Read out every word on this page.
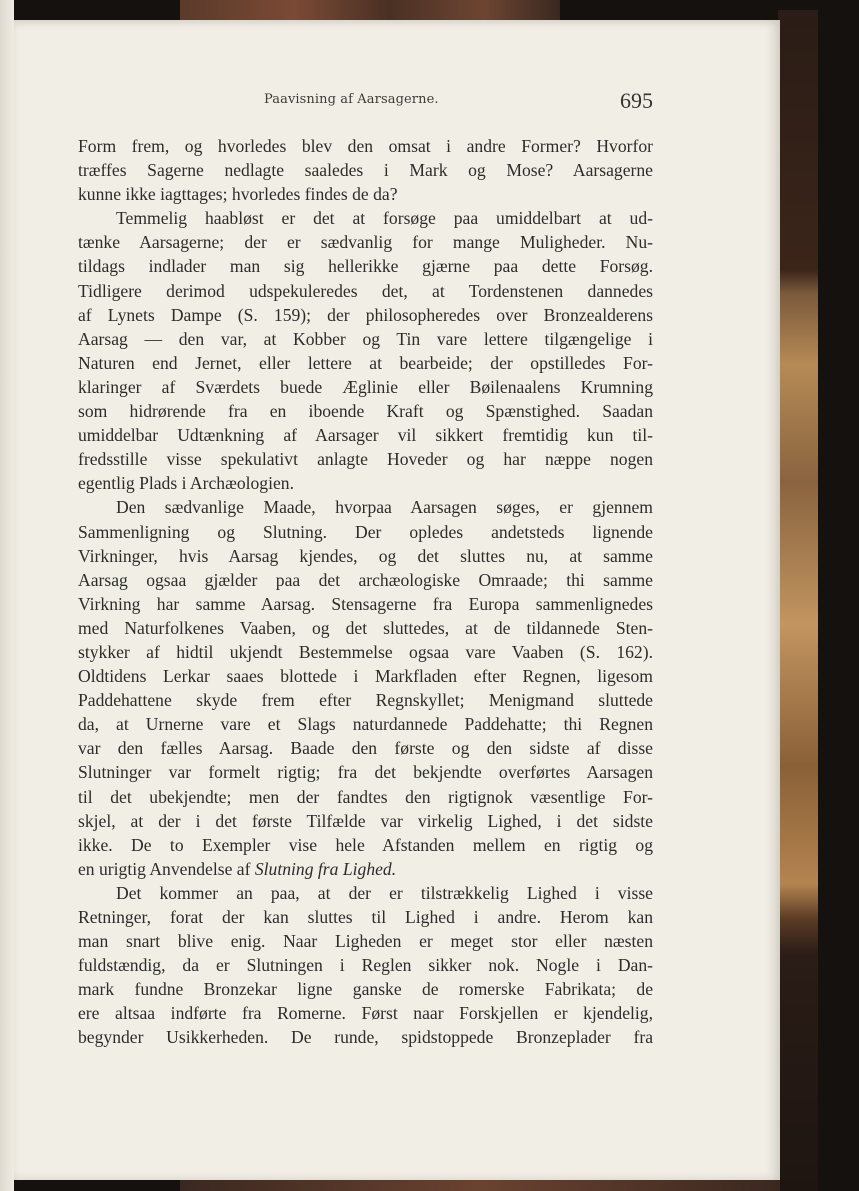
Paavisning af Aarsagerne.	695
Form frem, og hvorledes blev den omsat i andre Former? Hvorfor
træffes Sagerne nedlagte saaledes i Mark og Mose? Aarsagerne
kunne ikke iagttages; hvorledes findes de da?
Temmelig haabløst er det at forsøge paa umiddelbart at ud-
tænke Aarsagerne; der er sædvanlig for mange Muligheder. Nu-
tildags indlader man sig hellerikke gjærne paa dette Forsøg.
Tidligere derimod udspekuleredes det, at Tordenstenen dannedes
af Lynets Dampe (S. 159); der philosopheredes over Bronzealderens
Aarsag — den var, at Kobber og Tin vare lettere tilgængelige i
Naturen end Jernet, eller lettere at bearbeide; der opstilledes For-
klaringer af Sværdets buede Æglinie eller Bøilenaalens Krumning
som hidrørende fra en iboende Kraft og Spænstighed. Saadan
umiddelbar Udtænkning af Aarsager vil sikkert fremtidig kun til-
fredsstille visse spekulativt anlagte Hoveder og har næppe nogen
egentlig Plads i Archæologien.
Den sædvanlige Maade, hvorpaa Aarsagen søges, er gjennem
Sammenligning og Slutning. Der opledes andetsteds lignende
Virkninger, hvis Aarsag kjendes, og det sluttes nu, at samme
Aarsag ogsaa gjælder paa det archæologiske Omraade; thi samme
Virkning har samme Aarsag. Stensagerne fra Europa sammenlignedes
med Naturfolkenes Vaaben, og det sluttedes, at de tildannede Sten-
stykker af hidtil ukjendt Bestemmelse ogsaa vare Vaaben (S. 162).
Oldtidens Lerkar saaes blottede i Markfladen efter Regnen, ligesom
Paddehattene skyde frem efter Regnskyllet; Menigmand sluttede
da, at Urnerne vare et Slags naturdannede Paddehatte; thi Regnen
var den fælles Aarsag. Baade den første og den sidste af disse
Slutninger var formelt rigtig; fra det bekjendte overførtes Aarsagen
til det ubekjendte; men der fandtes den rigtignok væsentlige For-
skjel, at der i det første Tilfælde var virkelig Lighed, i det sidste
ikke. De to Exempler vise hele Afstanden mellem en rigtig og
en urigtig Anvendelse af Slutning fra Lighed.
Det kommer an paa, at der er tilstrækkelig Lighed i visse
Retninger, forat der kan sluttes til Lighed i andre. Herom kan
man snart blive enig. Naar Ligheden er meget stor eller næsten
fuldstændig, da er Slutningen i Reglen sikker nok. Nogle i Dan-
mark fundne Bronzekar ligne ganske de romerske Fabrikata; de
ere altsaa indførte fra Romerne. Først naar Forskjellen er kjendelig,
begynder Usikkerheden. De runde, spidstoppede Bronzeplader fra
